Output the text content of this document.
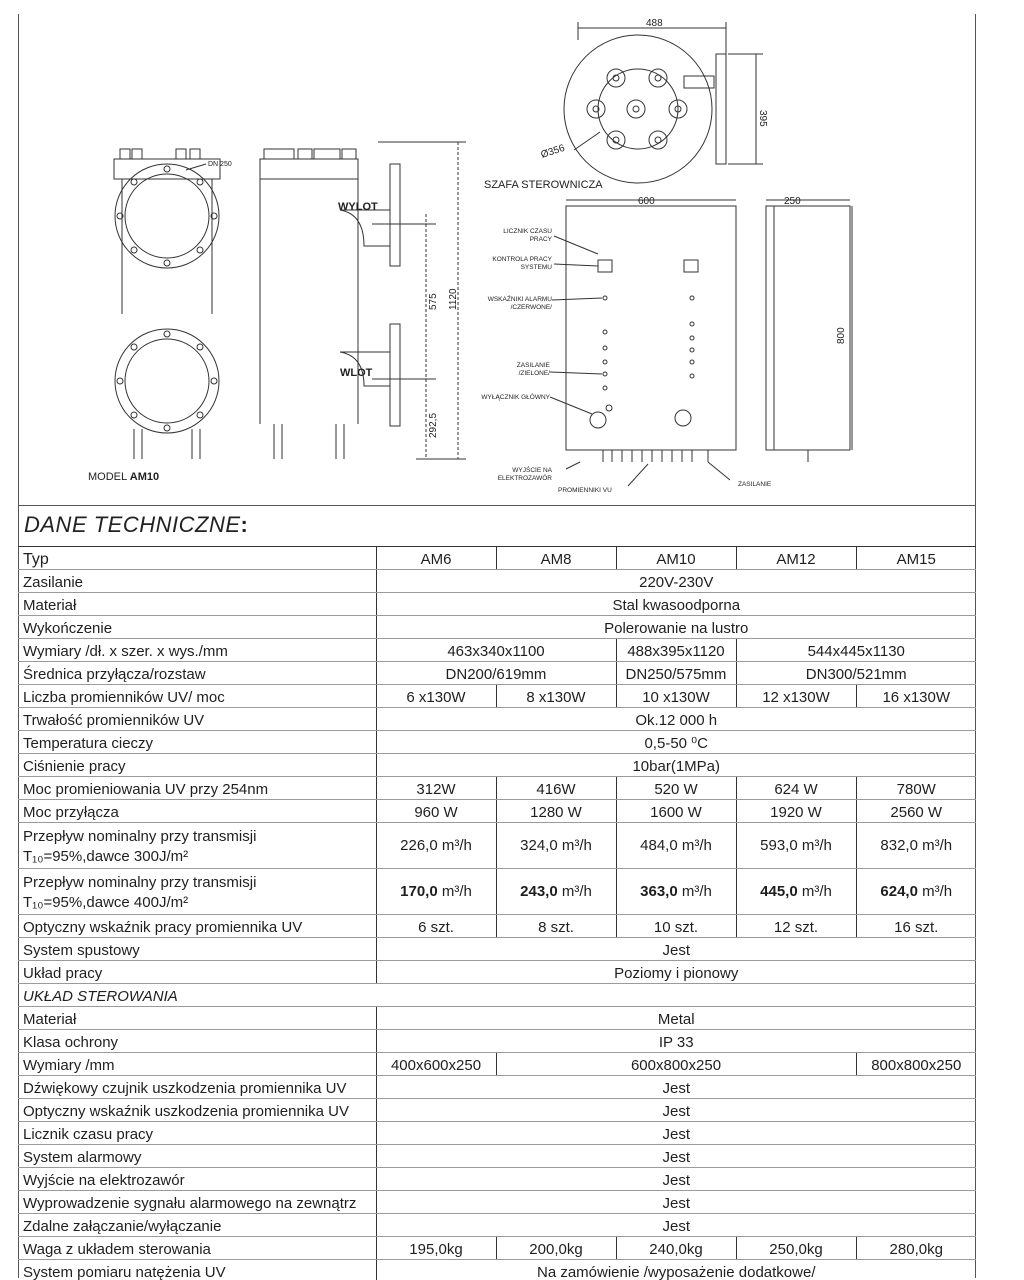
488
395
Ø356
DN 250
WYLOT
WLOT
575 1120
292,5
MODEL AM10
SZAFA STEROWNICZA
600	250
800
LICZNIK CZASU
PRACY
KONTROLA PRACY
SYSTEMU
WSKAŹNIKI ALARMU
/CZERWONE/
ZASILANIE
/ZIELONE/
WYŁĄCZNIK GŁÓWNY
WYJŚCIE NA
ELEKTROZAWÓR
PROMIENNIKI VU
ZASILANIE
DANE TECHNICZNE:
Typ	AM6	AM8	AM10	AM12	AM15
Zasilanie	220V-230V				
Materiał	Stal kwasoodporna				
Wykończenie	Polerowanie na lustro				
Wymiary /dł. x szer. x wys./mm	463x340x1100		488x395x1120	544x445x1130	
Średnica przyłącza/rozstaw	DN200/619mm		DN250/575mm	DN300/521mm	
Liczba promienników UV/ moc	6 x130W	8 x130W	10 x130W	12 x130W	16 x130W
Trwałość promienników UV	Ok.12 000 h				
Temperatura cieczy	0,5-50 ⁰C				
Ciśnienie pracy	10bar(1MPa)				
Moc promieniowania UV przy 254nm	312W	416W	520 W	624 W	780W
Moc przyłącza	960 W	1280 W	1600 W	1920 W	2560 W
Przepływ nominalny przy transmisji
T₁₀=95%,dawce 300J/m²	226,0 m³/h	324,0 m³/h	484,0 m³/h	593,0 m³/h	832,0 m³/h
Przepływ nominalny przy transmisji
T₁₀=95%,dawce 400J/m²	170,0 m³/h	243,0 m³/h	363,0 m³/h	445,0 m³/h	624,0 m³/h
Optyczny wskaźnik pracy promiennika UV	6 szt.	8 szt.	10 szt.	12 szt.	16 szt.
System spustowy	Jest				
Układ pracy	Poziomy i pionowy				
UKŁAD STEROWANIA					
Materiał	Metal				
Klasa ochrony	IP 33				
Wymiary /mm	400x600x250	600x800x250			800x800x250
Dźwiękowy czujnik uszkodzenia promiennika UV	Jest				
Optyczny wskaźnik uszkodzenia promiennika UV	Jest				
Licznik czasu pracy	Jest				
System alarmowy	Jest				
Wyjście na elektrozawór	Jest				
Wyprowadzenie sygnału alarmowego na zewnątrz	Jest				
Zdalne załączanie/wyłączanie	Jest				
Waga z układem sterowania	195,0kg	200,0kg	240,0kg	250,0kg	280,0kg
System pomiaru natężenia UV	Na zamówienie /wyposażenie dodatkowe/				
